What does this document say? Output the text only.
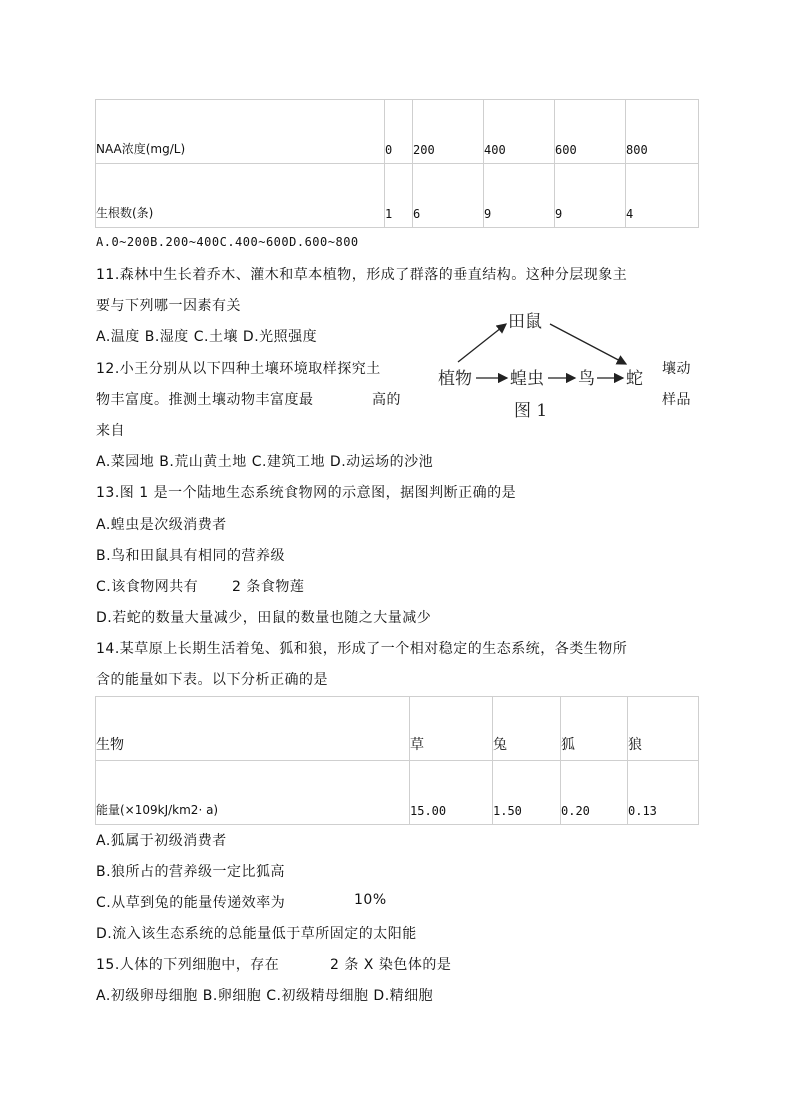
NAA浓度(mg/L)	0	200	400	600	800

生根数(条)	1	6	9	9	4
A.0~200B.200~400C.400~600D.600~800
11.森林中生长着乔木、灌木和草本植物，形成了群落的垂直结构。这种分层现象主
要与下列哪一因素有关
A.温度 B.湿度 C.土壤 D.光照强度
12.小王分别从以下四种土壤环境取样探究土	壤动
物丰富度。推测土壤动物丰富度最	高的	样品
来自
A.菜园地 B.荒山黄土地 C.建筑工地 D.动运场的沙池
田鼠
植物 蝗虫 鸟 蛇
图 1
13.图 1 是一个陆地生态系统食物网的示意图，据图判断正确的是
A.蝗虫是次级消费者
B.鸟和田鼠具有相同的营养级
C.该食物网共有 2 条食物莲
D.若蛇的数量大量减少，田鼠的数量也随之大量减少
14.某草原上长期生活着兔、狐和狼，形成了一个相对稳定的生态系统，各类生物所
含的能量如下表。以下分析正确的是
生物	草	兔	狐	狼

能量(×109kJ/km2· a)	15.00	1.50	0.20	0.13
A.狐属于初级消费者
B.狼所占的营养级一定比狐高
C.从草到兔的能量传递效率为	10%
D.流入该生态系统的总能量低于草所固定的太阳能
15.人体的下列细胞中，存在	2 条 X 染色体的是
A.初级卵母细胞 B.卵细胞 C.初级精母细胞 D.精细胞
